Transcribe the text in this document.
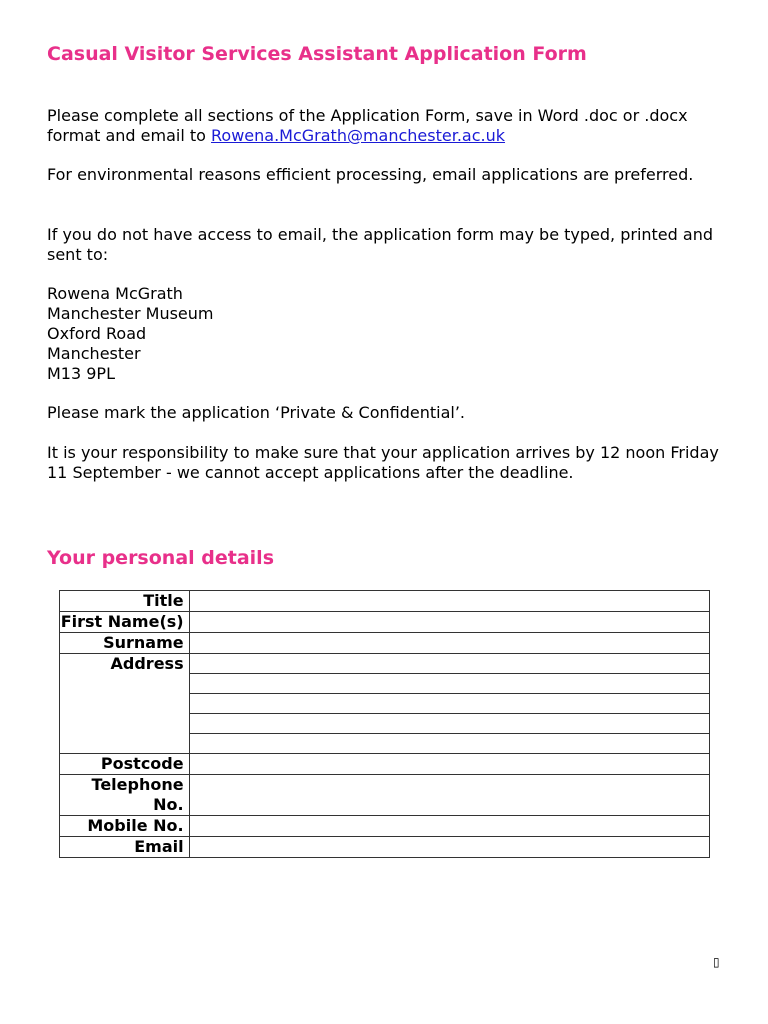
Casual Visitor Services Assistant Application Form

Please complete all sections of the Application Form, save in Word .doc or .docx format and email to Rowena.McGrath@manchester.ac.uk

For environmental reasons efficient processing, email applications are preferred.

If you do not have access to email, the application form may be typed, printed and sent to:

Rowena McGrath
Manchester Museum
Oxford Road
Manchester
M13 9PL

Please mark the application ‘Private & Confidential’.

It is your responsibility to make sure that your application arrives by 12 noon Friday 11 September - we cannot accept applications after the deadline.

Your personal details
Title	
First Name(s)	
Surname	
Address	

Postcode	
Telephone No.	
Mobile No.	
Email	
▯
